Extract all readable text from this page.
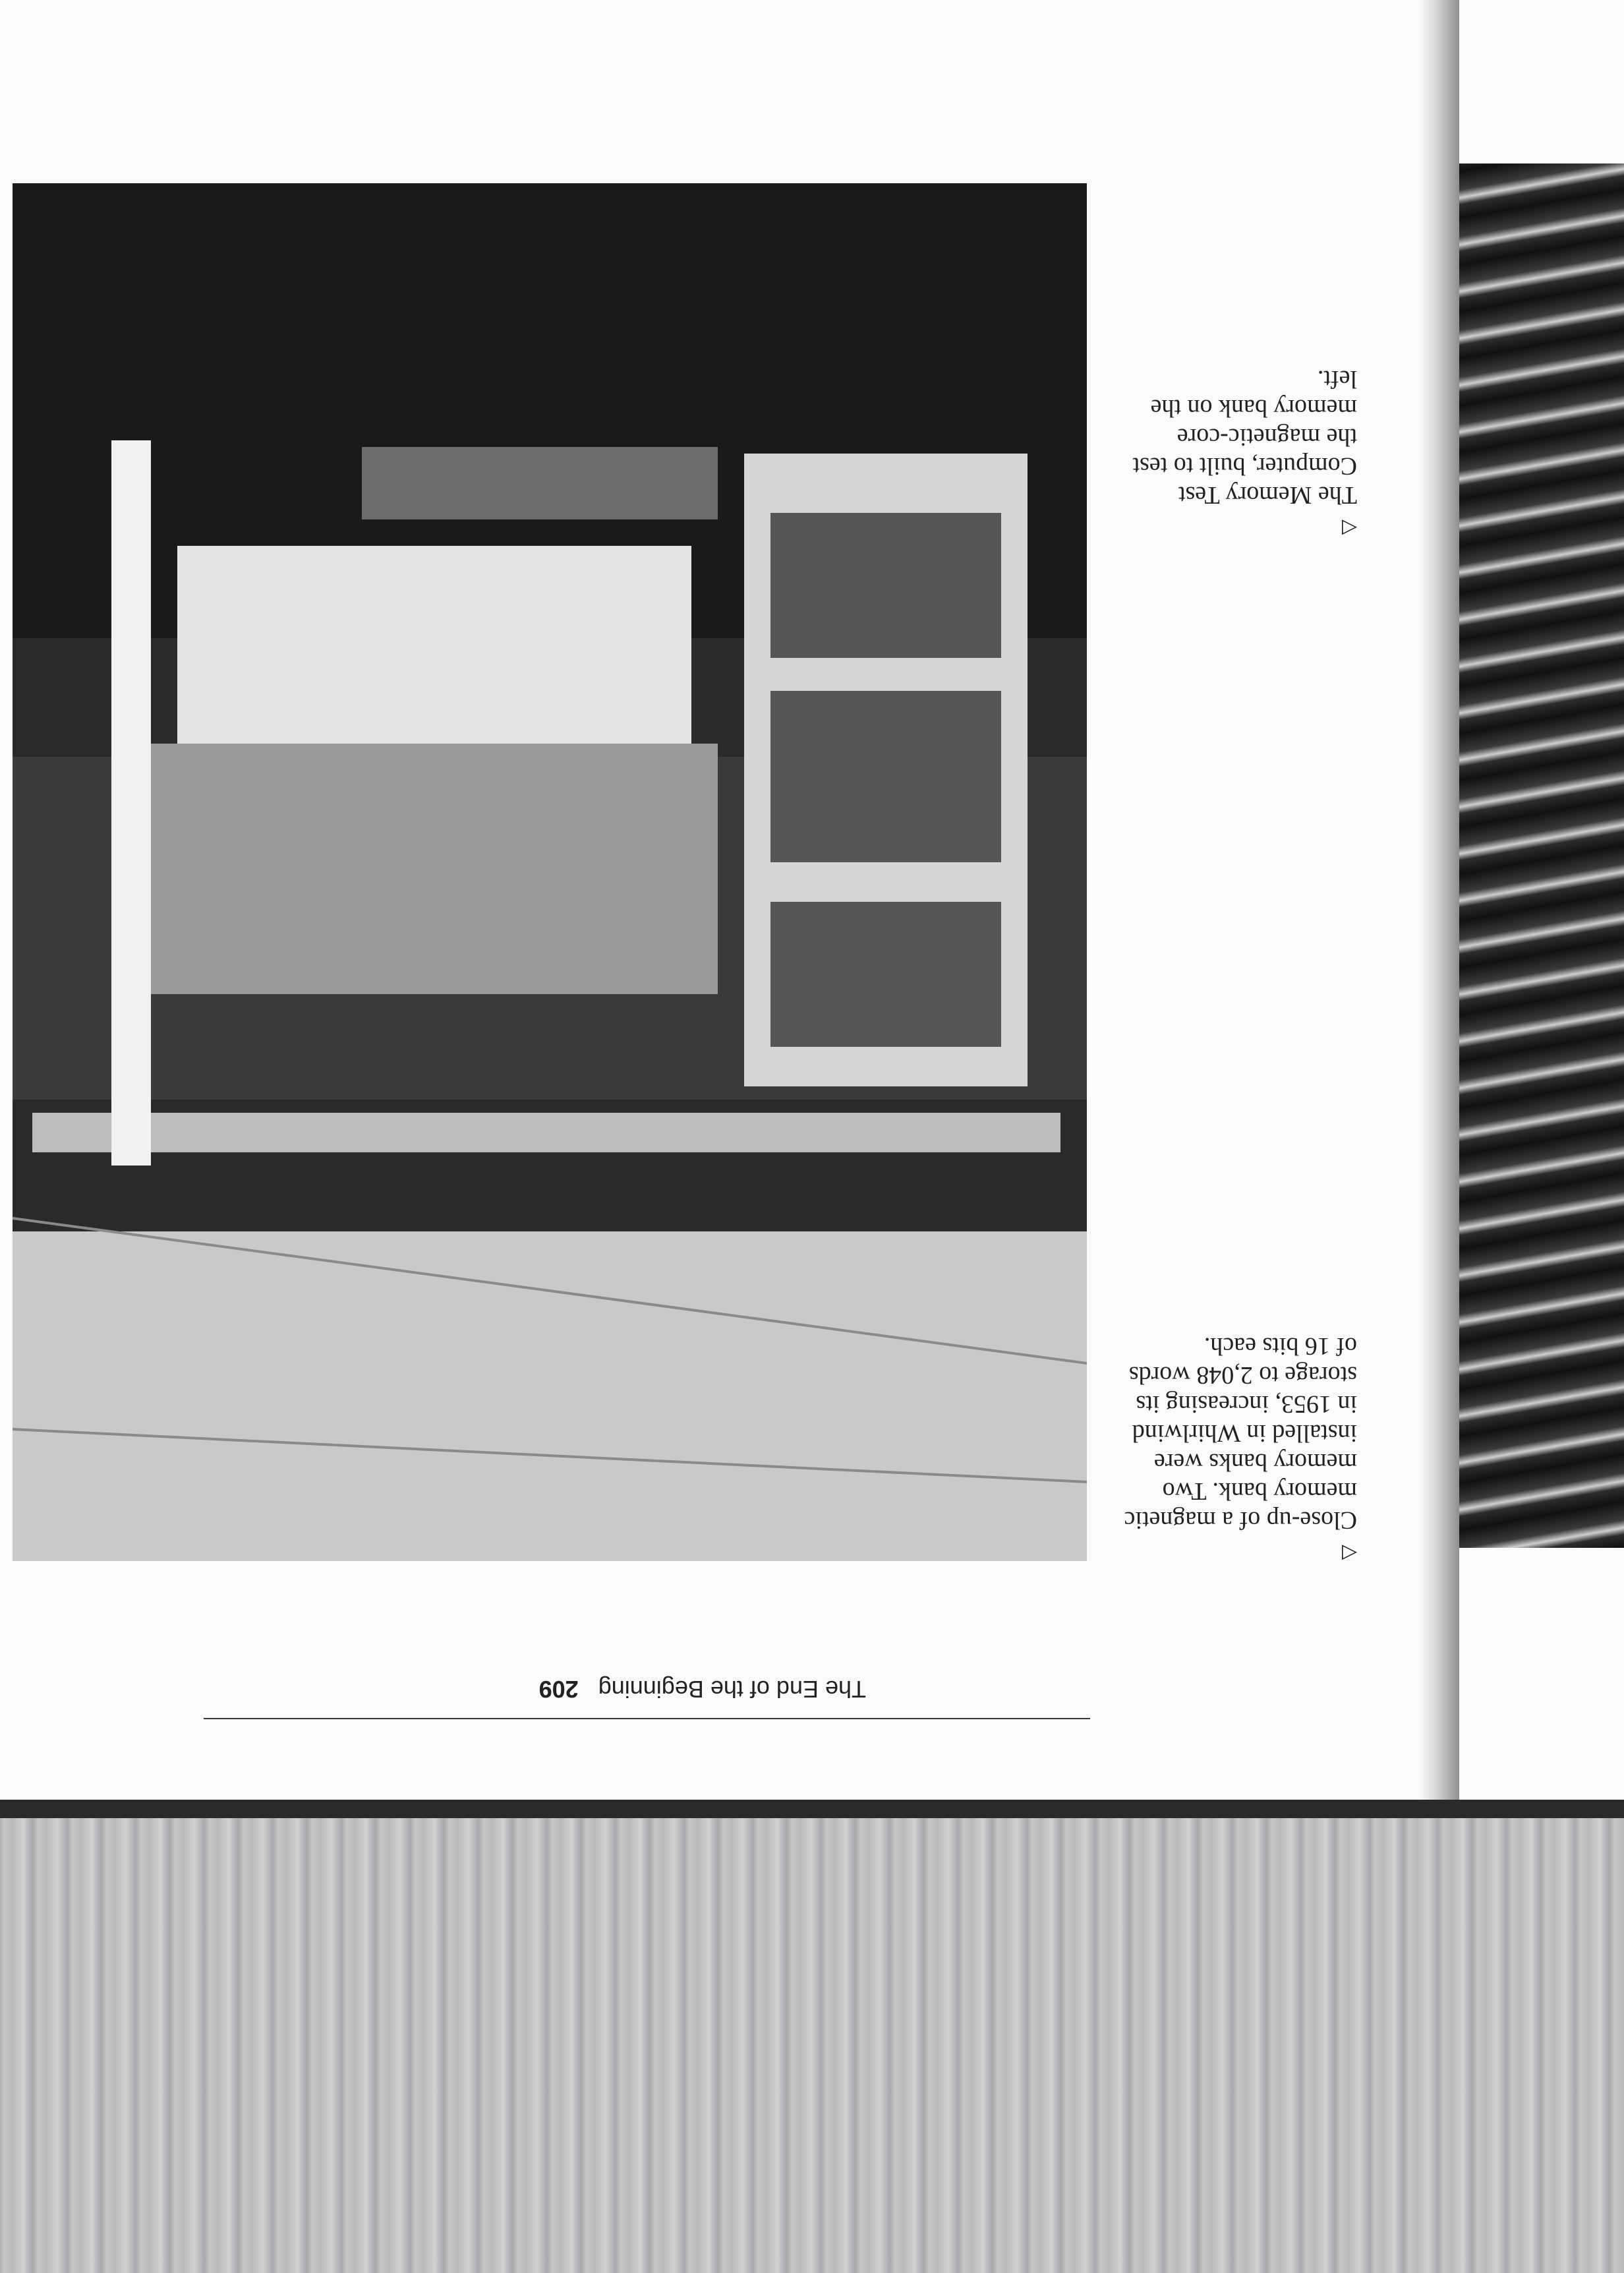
◁
Close-up of a magnetic memory bank. Two memory banks were installed in Whirlwind in 1953, increasing its storage to 2,048 words of 16 bits each.
◁
The Memory Test Computer, built to test the magnetic-core memory bank on the left.
The End of the Beginning 209
